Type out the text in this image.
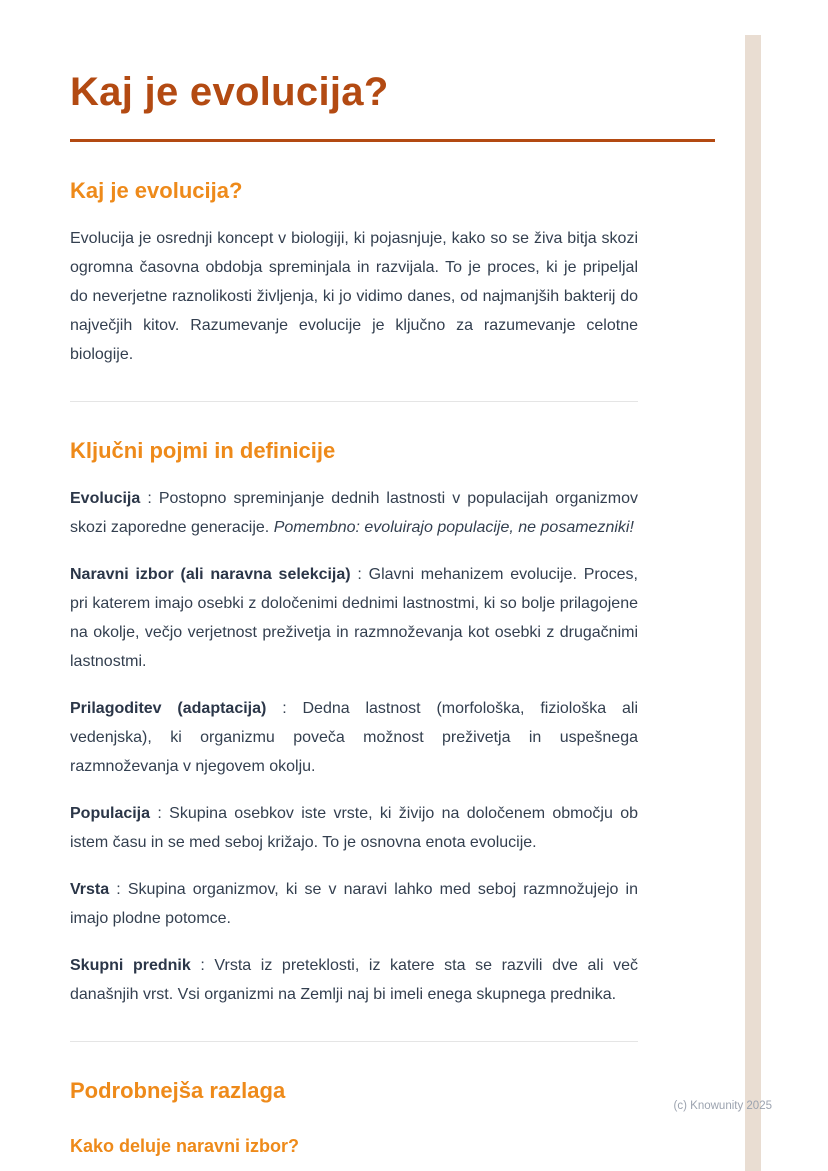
Kaj je evolucija?
Kaj je evolucija?

Evolucija je osrednji koncept v biologiji, ki pojasnjuje, kako so se živa bitja skozi ogromna časovna obdobja spreminjala in razvijala. To je proces, ki je pripeljal do neverjetne raznolikosti življenja, ki jo vidimo danes, od najmanjših bakterij do največjih kitov. Razumevanje evolucije je ključno za razumevanje celotne biologije.

Ključni pojmi in definicije

Evolucija : Postopno spreminjanje dednih lastnosti v populacijah organizmov skozi zaporedne generacije. Pomembno: evoluirajo populacije, ne posamezniki!

Naravni izbor (ali naravna selekcija) : Glavni mehanizem evolucije. Proces, pri katerem imajo osebki z določenimi dednimi lastnostmi, ki so bolje prilagojene na okolje, večjo verjetnost preživetja in razmnoževanja kot osebki z drugačnimi lastnostmi.

Prilagoditev (adaptacija) : Dedna lastnost (morfološka, fiziološka ali vedenjska), ki organizmu poveča možnost preživetja in uspešnega razmnoževanja v njegovem okolju.

Populacija : Skupina osebkov iste vrste, ki živijo na določenem območju ob istem času in se med seboj križajo. To je osnovna enota evolucije.

Vrsta : Skupina organizmov, ki se v naravi lahko med seboj razmnožujejo in imajo plodne potomce.

Skupni prednik : Vrsta iz preteklosti, iz katere sta se razvili dve ali več današnjih vrst. Vsi organizmi na Zemlji naj bi imeli enega skupnega prednika.

Podrobnejša razlaga
Kako deluje naravni izbor?
(c) Knowunity 2025
